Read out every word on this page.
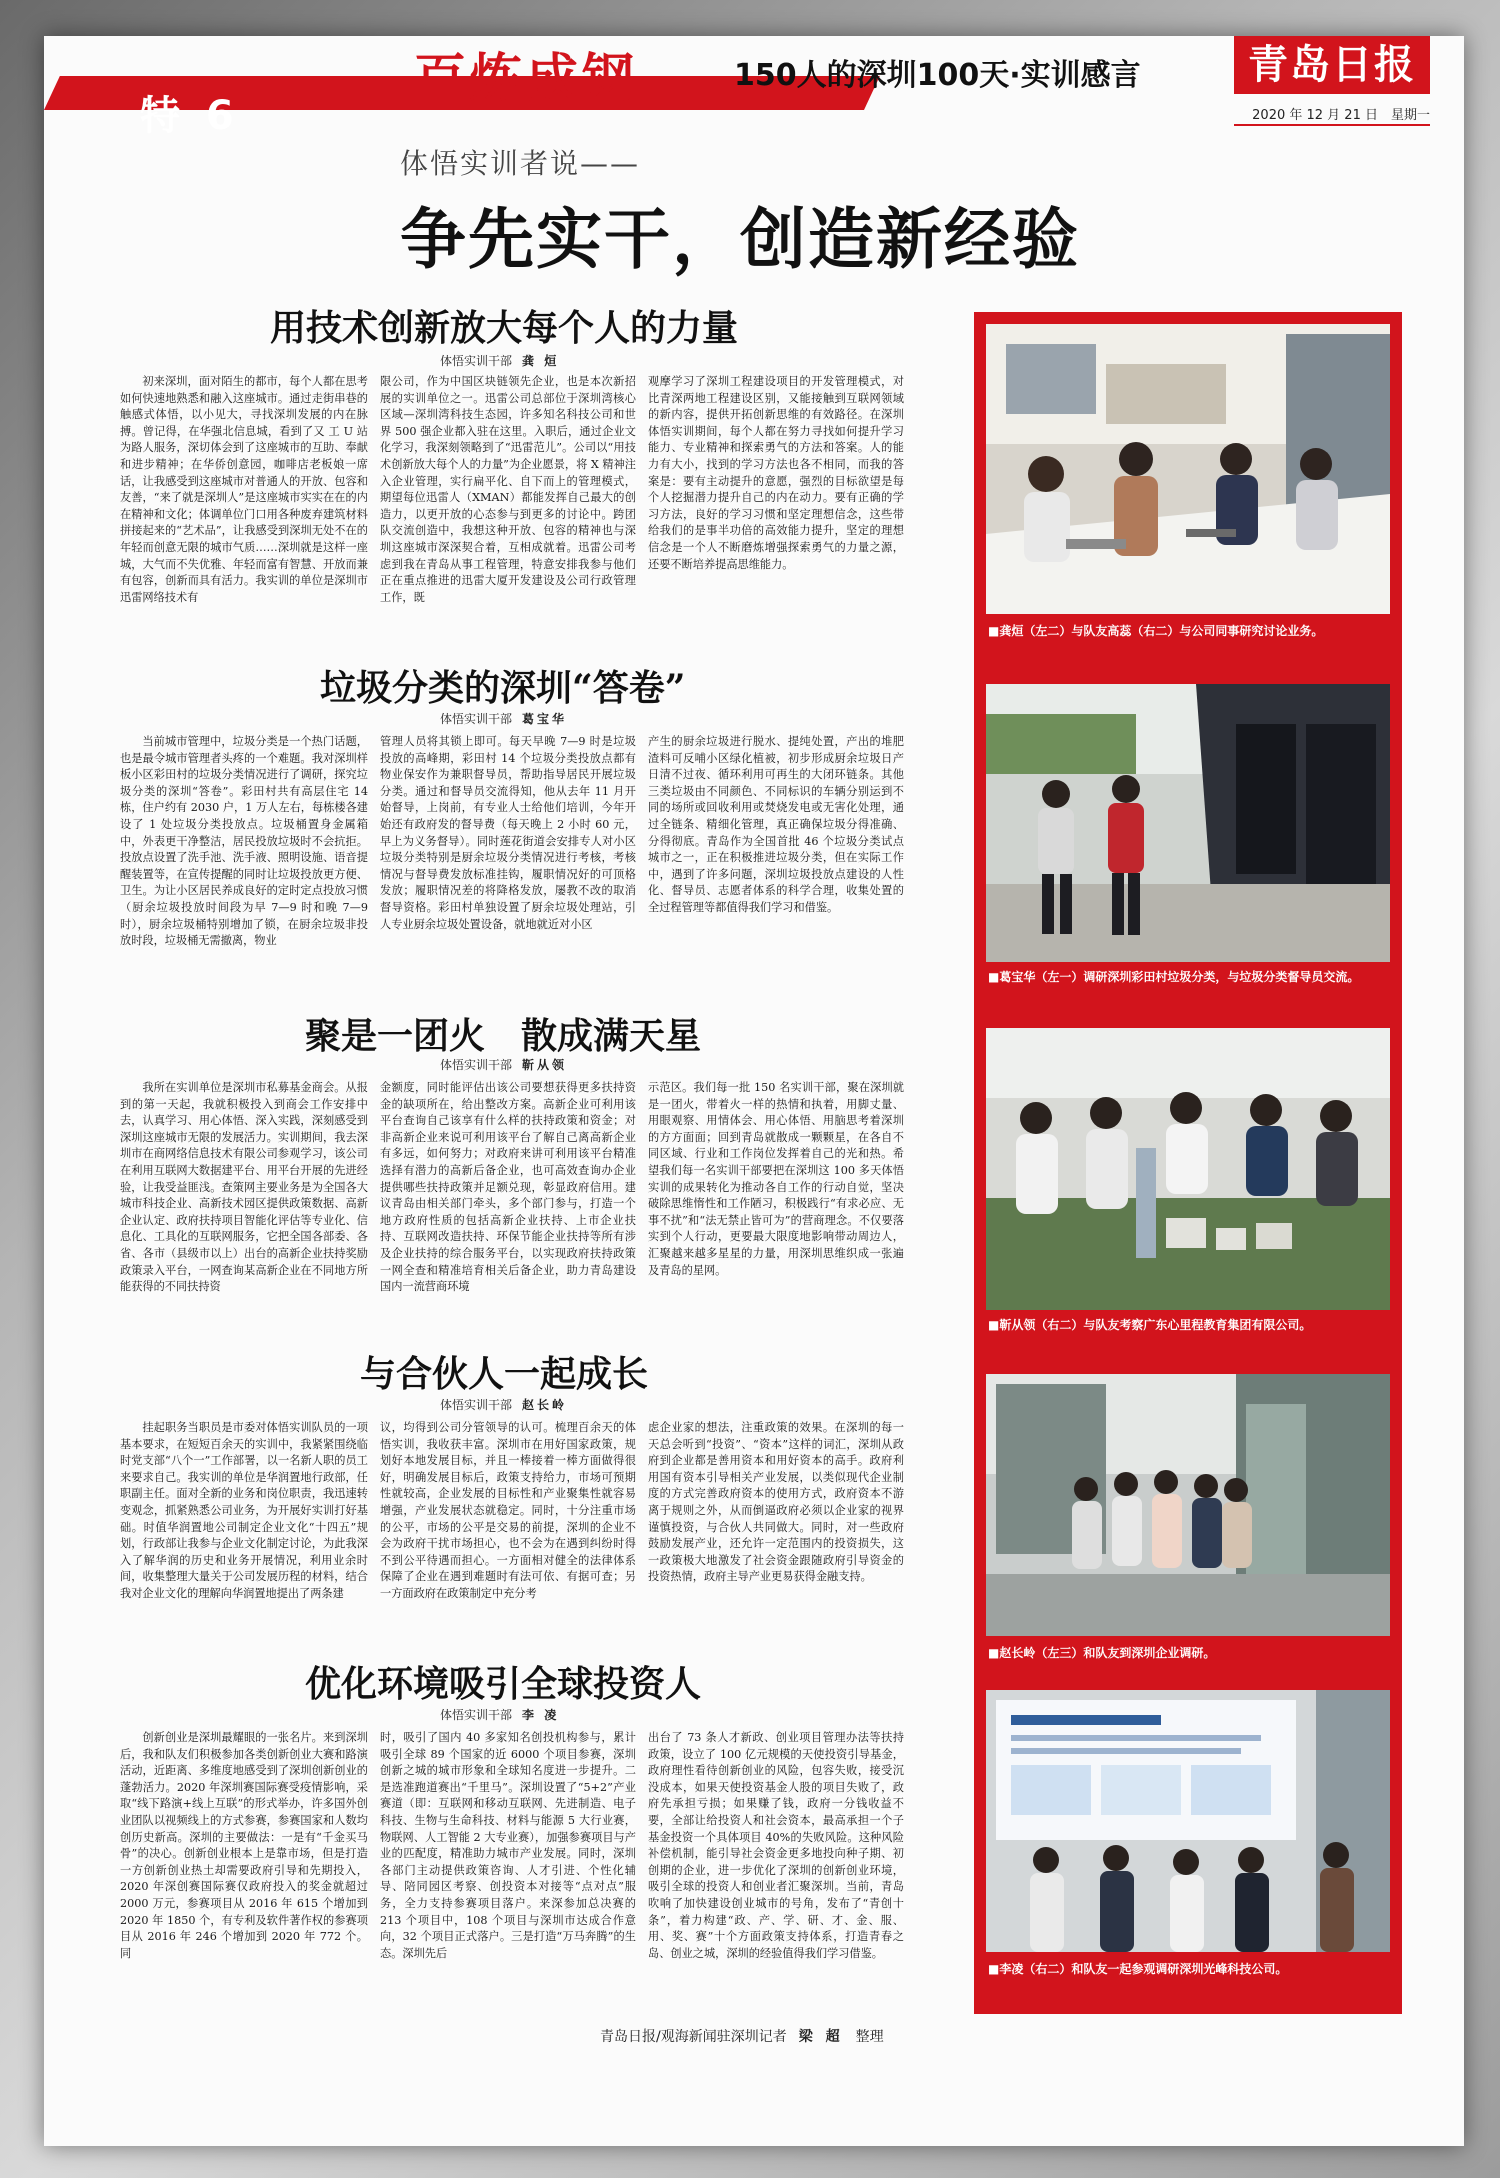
特 6
百炼成钢	150人的深圳100天·实训感言	青岛日报
2020 年 12 月 21 日　星期一
体悟实训者说——
争先实干，创造新经验
用技术创新放大每个人的力量
体悟实训干部 龚 烜

初来深圳，面对陌生的都市，每个人都在思考如何快速地熟悉和融入这座城市。通过走街串巷的触感式体悟，以小见大，寻找深圳发展的内在脉搏。曾记得，在华强北信息城，看到了又 工 U 站为路人服务，深切体会到了这座城市的互助、奉献和进步精神；在华侨创意园，咖啡店老板娘一席话，让我感受到这座城市对普通人的开放、包容和友善，“来了就是深圳人”是这座城市实实在在的内在精神和文化；体调单位门口用各种废弃建筑材料拼接起来的“艺术品”，让我感受到深圳无处不在的年轻而创意无限的城市气质……深圳就是这样一座城，大气而不失优雅、年轻而富有智慧、开放而兼有包容，创新而具有活力。我实训的单位是深圳市迅雷网络技术有

限公司，作为中国区块链领先企业，也是本次新招展的实训单位之一。迅雷公司总部位于深圳湾核心区域—深圳湾科技生态园，许多知名科技公司和世界 500 强企业都入驻在这里。入职后，通过企业文化学习，我深刻领略到了“迅雷范儿”。公司以“用技术创新放大每个人的力量”为企业愿景，将 X 精神注入企业管理，实行扁平化、自下而上的管理模式，期望每位迅雷人（XMAN）都能发挥自己最大的创造力，以更开放的心态参与到更多的讨论中。跨团队交流创造中，我想这种开放、包容的精神也与深圳这座城市深深契合着，互相成就着。迅雷公司考虑到我在青岛从事工程管理，特意安排我参与他们正在重点推进的迅雷大厦开发建设及公司行政管理工作，既

观摩学习了深圳工程建设项目的开发管理模式，对比青深两地工程建设区别，又能接触到互联网领域的新内容，提供开拓创新思维的有效路径。在深圳体悟实训期间，每个人都在努力寻找如何提升学习能力、专业精神和探索勇气的方法和答案。人的能力有大小，找到的学习方法也各不相同，而我的答案是：要有主动提升的意愿，强烈的目标欲望是每个人挖掘潜力提升自己的内在动力。要有正确的学习方法，良好的学习习惯和坚定理想信念，这些带给我们的是事半功倍的高效能力提升，坚定的理想信念是一个人不断磨炼增强探索勇气的力量之源，还要不断培养提高思维能力。

垃圾分类的深圳“答卷”
体悟实训干部 葛宝华

当前城市管理中，垃圾分类是一个热门话题，也是最令城市管理者头疼的一个难题。我对深圳样板小区彩田村的垃圾分类情况进行了调研，探究垃圾分类的深圳“答卷”。彩田村共有高层住宅 14 栋，住户约有 2030 户，1 万人左右，每栋楼各建设了 1 处垃圾分类投放点。垃圾桶置身金属箱中，外表更干净整洁，居民投放垃圾时不会抗拒。投放点设置了洗手池、洗手液、照明设施、语音提醒装置等，在宣传提醒的同时让垃圾投放更方便、卫生。为让小区居民养成良好的定时定点投放习惯（厨余垃圾投放时间段为早 7—9 时和晚 7—9 时），厨余垃圾桶特别增加了锁，在厨余垃圾非投放时段，垃圾桶无需撤离，物业

管理人员将其锁上即可。每天早晚 7—9 时是垃圾投放的高峰期，彩田村 14 个垃圾分类投放点都有物业保安作为兼职督导员，帮助指导居民开展垃圾分类。通过和督导员交流得知，他从去年 11 月开始督导，上岗前，有专业人士给他们培训，今年开始还有政府发的督导费（每天晚上 2 小时 60 元，早上为义务督导）。同时莲花街道会安排专人对小区垃圾分类特别是厨余垃圾分类情况进行考核，考核情况与督导费发放标准挂钩，履职情况好的可顶格发放；履职情况差的将降格发放，屡教不改的取消督导资格。彩田村单独设置了厨余垃圾处理站，引人专业厨余垃圾处置设备，就地就近对小区

产生的厨余垃圾进行脱水、提纯处置，产出的堆肥渣料可反哺小区绿化植被，初步形成厨余垃圾日产日清不过夜、循环利用可再生的大闭环链条。其他三类垃圾由不同颜色、不同标识的车辆分别运到不同的场所或回收利用或焚烧发电或无害化处理，通过全链条、精细化管理，真正确保垃圾分得准确、分得彻底。青岛作为全国首批 46 个垃圾分类试点城市之一，正在积极推进垃圾分类，但在实际工作中，遇到了许多问题，深圳垃圾投放点建设的人性化、督导员、志愿者体系的科学合理，收集处置的全过程管理等都值得我们学习和借鉴。

聚是一团火　散成满天星
体悟实训干部 靳从领

我所在实训单位是深圳市私募基金商会。从报到的第一天起，我就积极投入到商会工作安排中去，认真学习、用心体悟、深入实践，深刻感受到深圳这座城市无限的发展活力。实训期间，我去深圳市在商网络信息技术有限公司参观学习，该公司在利用互联网大数据建平台、用平台开展的先进经验，让我受益匪浅。查策网主要业务是为全国各大城市科技企业、高新技术园区提供政策数据、高新企业认定、政府扶持项目智能化评估等专业化、信息化、工具化的互联网服务，它把全国各部委、各省、各市（县级市以上）出台的高新企业扶持奖励政策录入平台，一网查询某高新企业在不同地方所能获得的不同扶持资

金额度，同时能评估出该公司要想获得更多扶持资金的缺项所在，给出整改方案。高新企业可利用该平台查询自己该享有什么样的扶持政策和资金；对非高新企业来说可利用该平台了解自己离高新企业有多远，如何努力；对政府来讲可利用该平台精准选择有潜力的高新后备企业，也可高效查询办企业提供哪些扶持政策并足额兑现，彰显政府信用。建议青岛由相关部门牵头，多个部门参与，打造一个地方政府性质的包括高新企业扶持、上市企业扶持、互联网改造扶持、环保节能企业扶持等所有涉及企业扶持的综合服务平台，以实现政府扶持政策一网全查和精准培育相关后备企业，助力青岛建设国内一流营商环境

示范区。我们每一批 150 名实训干部，聚在深圳就是一团火，带着火一样的热情和执着，用脚丈量、用眼观察、用情体会、用心体悟、用脑思考着深圳的方方面面；回到青岛就散成一颗颗星，在各自不同区域、行业和工作岗位发挥着自己的光和热。希望我们每一名实训干部要把在深圳这 100 多天体悟实训的成果转化为推动各自工作的行动自觉，坚决破除思维惰性和工作陋习，积极践行“有求必应、无事不扰”和“法无禁止皆可为”的营商理念。不仅要落实到个人行动，更要最大限度地影响带动周边人，汇聚越来越多星星的力量，用深圳思维织成一张遍及青岛的星网。

与合伙人一起成长
体悟实训干部 赵长岭

挂起职务当职员是市委对体悟实训队员的一项基本要求，在短短百余天的实训中，我紧紧围绕临时党支部“八个一”工作部署，以一名新人职的员工来要求自己。我实训的单位是华润置地行政部，任职副主任。面对全新的业务和岗位职责，我迅速转变观念，抓紧熟悉公司业务，为开展好实训打好基础。时值华润置地公司制定企业文化“十四五”规划，行政部让我参与企业文化制定讨论，为此我深入了解华润的历史和业务开展情况，利用业余时间，收集整理大量关于公司发展历程的材料，结合我对企业文化的理解向华润置地提出了两条建

议，均得到公司分管领导的认可。梳理百余天的体悟实训，我收获丰富。深圳市在用好国家政策，规划好本地发展目标，并且一棒接着一棒方面做得很好，明确发展目标后，政策支持给力，市场可预期性就较高，企业发展的目标性和产业聚集性就容易增强，产业发展状态就稳定。同时，十分注重市场的公平，市场的公平是交易的前提，深圳的企业不会为政府干扰市场担心，也不会为在遇到纠纷时得不到公平待遇而担心。一方面相对健全的法律体系保障了企业在遇到难题时有法可依、有据可查；另一方面政府在政策制定中充分考

虑企业家的想法，注重政策的效果。在深圳的每一天总会听到“投资”、“资本”这样的词汇，深圳从政府到企业都是善用资本和用好资本的高手。政府利用国有资本引导相关产业发展，以类似现代企业制度的方式完善政府资本的使用方式，政府资本不游离于规则之外，从而倒逼政府必须以企业家的视界谨慎投资，与合伙人共同做大。同时，对一些政府鼓励发展产业，还允许一定范围内的投资损失，这一政策极大地激发了社会资金跟随政府引导资金的投资热情，政府主导产业更易获得金融支持。

优化环境吸引全球投资人
体悟实训干部 李 凌

创新创业是深圳最耀眼的一张名片。来到深圳后，我和队友们积极参加各类创新创业大赛和路演活动，近距离、多维度地感受到了深圳创新创业的蓬勃活力。2020 年深圳赛国际赛受疫情影响，采取“线下路演+线上互联”的形式举办，许多国外创业团队以视频线上的方式参赛，参赛国家和人数均创历史新高。深圳的主要做法：一是有“千金买马骨”的决心。创新创业根本上是靠市场，但是打造一方创新创业热土却需要政府引导和先期投入，2020 年深创赛国际赛仅政府投入的奖金就超过 2000 万元，参赛项目从 2016 年 615 个增加到 2020 年 1850 个，有专利及软件著作权的参赛项目从 2016 年 246 个增加到 2020 年 772 个。同

时，吸引了国内 40 多家知名创投机构参与，累计吸引全球 89 个国家的近 6000 个项目参赛，深圳创新之城的城市形象和全球知名度进一步提升。二是选准跑道赛出“千里马”。深圳设置了“5+2”产业赛道（即：互联网和移动互联网、先进制造、电子科技、生物与生命科技、材料与能源 5 大行业赛，物联网、人工智能 2 大专业赛），加强参赛项目与产业的匹配度，精准助力城市产业发展。同时，深圳各部门主动提供政策咨询、人才引进、个性化辅导、陪同园区考察、创投资本对接等“点对点”服务，全力支持参赛项目落户。来深参加总决赛的 213 个项目中，108 个项目与深圳市达成合作意向，32 个项目正式落户。三是打造“万马奔腾”的生态。深圳先后

出台了 73 条人才新政、创业项目管理办法等扶持政策，设立了 100 亿元规模的天使投资引导基金，政府理性看待创新创业的风险，包容失败，接受沉没成本，如果天使投资基金人股的项目失败了，政府先承担亏损；如果赚了钱，政府一分钱收益不要，全部让给投资人和社会资本，最高承担一个子基金投资一个具体项目 40%的失败风险。这种风险补偿机制，能引导社会资金更多地投向种子期、初创期的企业，进一步优化了深圳的创新创业环境，吸引全球的投资人和创业者汇聚深圳。当前，青岛吹响了加快建设创业城市的号角，发布了“青创十条”，着力构建“政、产、学、研、才、金、服、用、奖、赛”十个方面政策支持体系，打造青春之岛、创业之城，深圳的经验值得我们学习借鉴。

青岛日报/观海新闻驻深圳记者 梁 超 整理
■龚烜（左二）与队友高蕊（右二）与公司同事研究讨论业务。
■葛宝华（左一）调研深圳彩田村垃圾分类，与垃圾分类督导员交流。
■靳从领（右二）与队友考察广东心里程教育集团有限公司。
■赵长岭（左三）和队友到深圳企业调研。
■李凌（右二）和队友一起参观调研深圳光峰科技公司。
